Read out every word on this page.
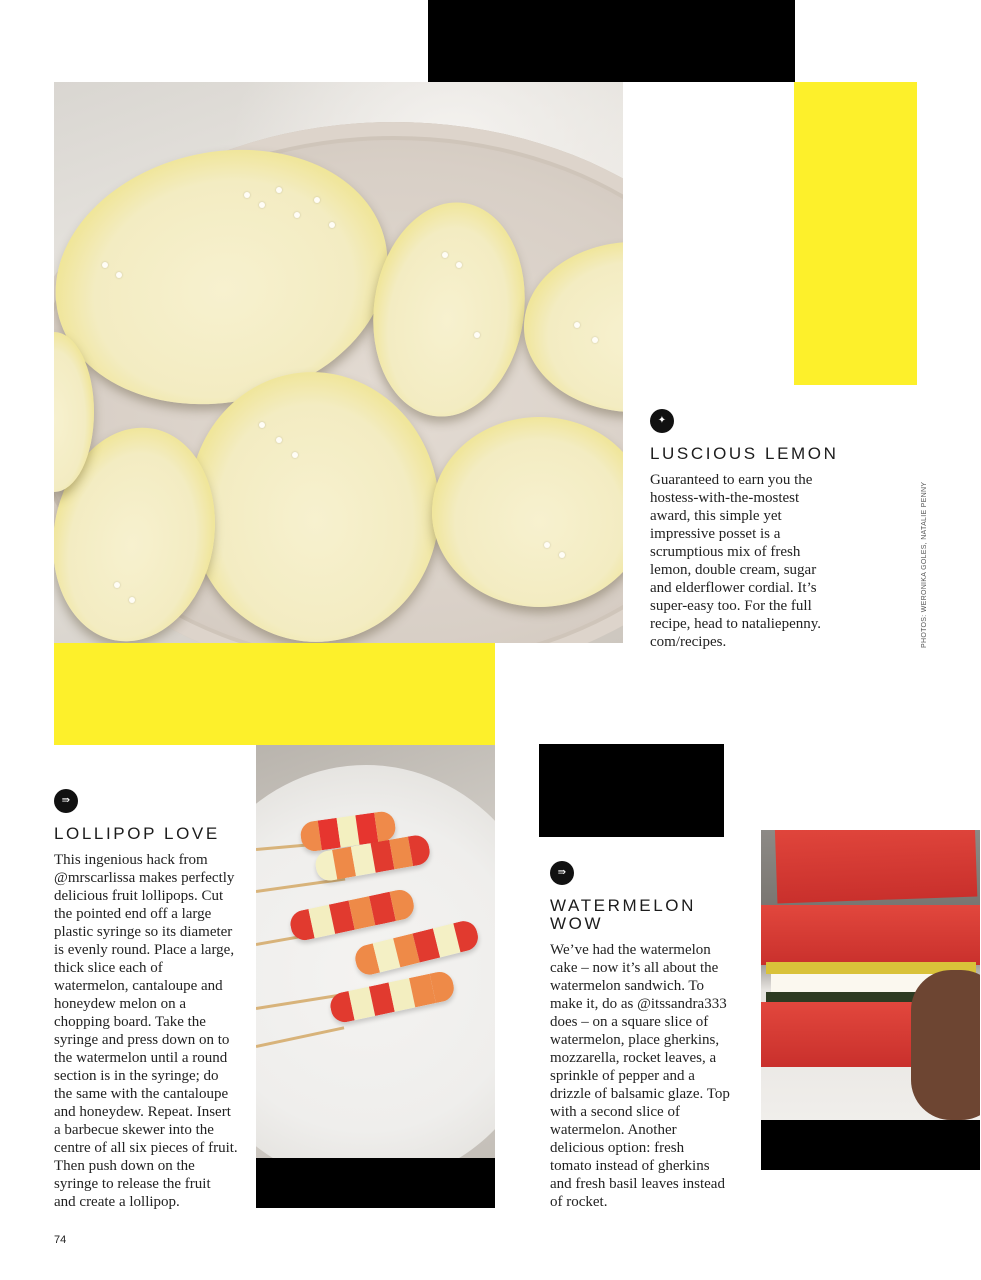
✦
LUSCIOUS LEMON
Guaranteed to earn you the
hostess-with-the-mostest
award, this simple yet
impressive posset is a
scrumptious mix of fresh
lemon, double cream, sugar
and elderflower cordial. It’s
super-easy too. For the full
recipe, head to nataliepenny.
com/recipes.	PHOTOS: WERONIKA GOLES, NATALIE PENNY
⇛
LOLLIPOP LOVE
This ingenious hack from
@mrscarlissa makes perfectly
delicious fruit lollipops. Cut
the pointed end off a large
plastic syringe so its diameter
is evenly round. Place a large,
thick slice each of
watermelon, cantaloupe and
honeydew melon on a
chopping board. Take the
syringe and press down on to
the watermelon until a round
section is in the syringe; do
the same with the cantaloupe
and honeydew. Repeat. Insert
a barbecue skewer into the
centre of all six pieces of fruit.
Then push down on the
syringe to release the fruit
and create a lollipop.
⇛
WATERMELON
WOW
We’ve had the watermelon
cake – now it’s all about the
watermelon sandwich. To
make it, do as @itssandra333
does – on a square slice of
watermelon, place gherkins,
mozzarella, rocket leaves, a
sprinkle of pepper and a
drizzle of balsamic glaze. Top
with a second slice of
watermelon. Another
delicious option: fresh
tomato instead of gherkins
and fresh basil leaves instead
of rocket.
74
